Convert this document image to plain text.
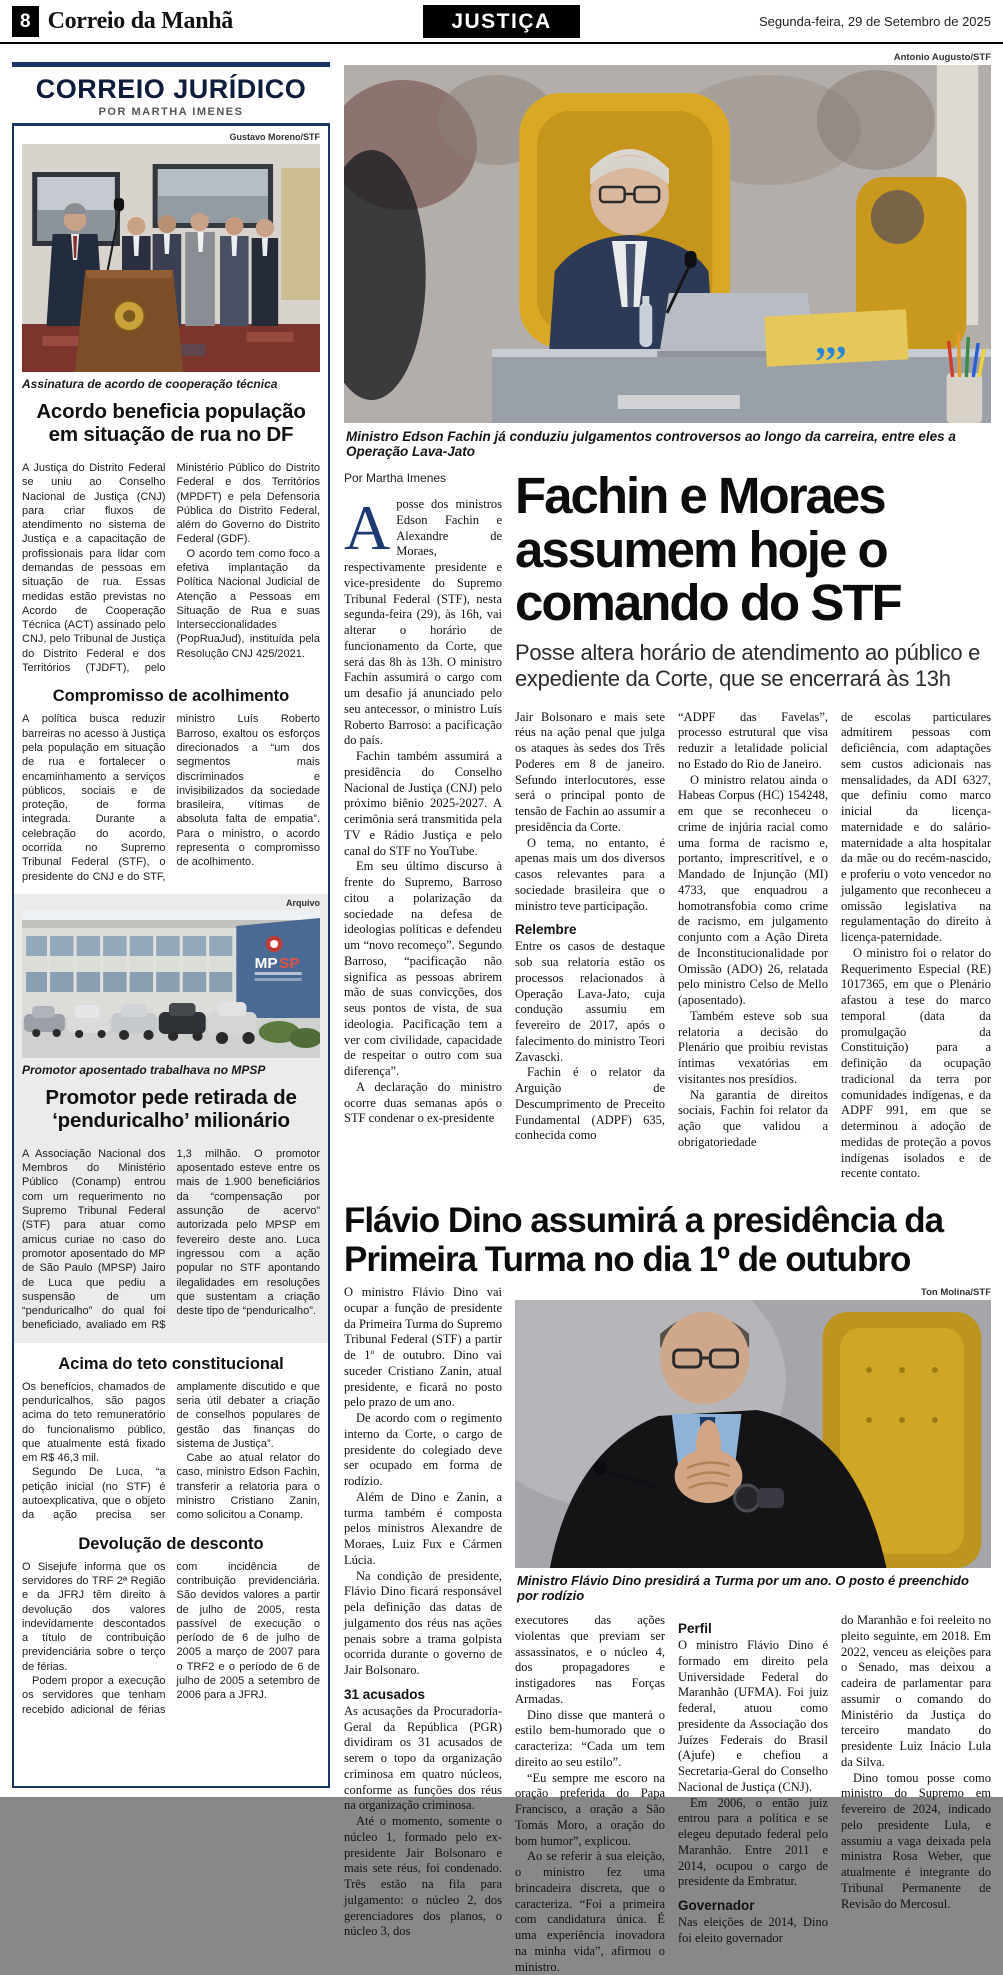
8 Correio da Manhã	JUSTIÇA	Segunda-feira, 29 de Setembro de 2025
CORREIO JURÍDICO
POR MARTHA IMENES
Gustavo Moreno/STF
Assinatura de acordo de cooperação técnica
Acordo beneficia população em situação de rua no DF

A Justiça do Distrito Federal se uniu ao Conselho Nacional de Justiça (CNJ) para criar fluxos de atendimento no sistema de Justiça e a capacitação de profissionais para lidar com demandas de pessoas em situação de rua. Essas medidas estão previstas no Acordo de Cooperação Técnica (ACT) assinado pelo CNJ, pelo Tribunal de Justiça do Distrito Federal e dos Territórios (TJDFT), pelo Ministério Público do Distrito Federal e dos Territórios (MPDFT) e pela Defensoria Pública do Distrito Federal, além do Governo do Distrito Federal (GDF).

O acordo tem como foco a efetiva implantação da Política Nacional Judicial de Atenção a Pessoas em Situação de Rua e suas Interseccionalidades (PopRuaJud), instituída pela Resolução CNJ 425/2021.

Compromisso de acolhimento

A política busca reduzir barreiras no acesso à Justiça pela população em situação de rua e fortalecer o encaminhamento a serviços públicos, sociais e de proteção, de forma integrada. Durante a celebração do acordo, ocorrida no Supremo Tribunal Federal (STF), o presidente do CNJ e do STF, ministro Luís Roberto Barroso, exaltou os esforços direcionados a “um dos segmentos mais discriminados e invisibilizados da sociedade brasileira, vítimas de absoluta falta de empatia”. Para o ministro, o acordo representa o compromisso de acolhimento.

Arquivo
MP SP
Promotor aposentado trabalhava no MPSP
Promotor pede retirada de ‘penduricalho’ milionário

A Associação Nacional dos Membros do Ministério Público (Conamp) entrou com um requerimento no Supremo Tribunal Federal (STF) para atuar como amicus curiae no caso do promotor aposentado do MP de São Paulo (MPSP) Jairo de Luca que pediu a suspensão de um “penduricalho” do qual foi beneficiado, avaliado em R$ 1,3 milhão. O promotor aposentado esteve entre os mais de 1.900 beneficiários da “compensação por assunção de acervo” autorizada pelo MPSP em fevereiro deste ano. Luca ingressou com a ação popular no STF apontando ilegalidades em resoluções que sustentam a criação deste tipo de “penduricalho”.

Acima do teto constitucional

Os benefícios, chamados de penduricalhos, são pagos acima do teto remuneratório do funcionalismo público, que atualmente está fixado em R$ 46,3 mil.

Segundo De Luca, “a petição inicial (no STF) é autoexplicativa, que o objeto da ação precisa ser amplamente discutido e que seria útil debater a criação de conselhos populares de gestão das finanças do sistema de Justiça”.

Cabe ao atual relator do caso, ministro Edson Fachin, transferir a relatoria para o ministro Cristiano Zanin, como solicitou a Conamp.

Devolução de desconto

O Sisejufe informa que os servidores do TRF 2ª Região e da JFRJ têm direito à devolução dos valores indevidamente descontados a título de contribuição previdenciária sobre o terço de férias.

Podem propor a execução os servidores que tenham recebido adicional de férias com incidência de contribuição previdenciária. São devidos valores a partir de julho de 2005, resta passível de execução o período de 6 de julho de 2005 a março de 2007 para o TRF2 e o período de 6 de julho de 2005 a setembro de 2006 para a JFRJ.

Antonio Augusto/STF
,,,
Ministro Edson Fachin já conduziu julgamentos controversos ao longo da carreira, entre eles a Operação Lava-Jato
Por Martha Imenes

Aposse dos ministros Edson Fachin e Alexandre de Moraes, respectivamente presidente e vice-presidente do Supremo Tribunal Federal (STF), nesta segunda-feira (29), às 16h, vai alterar o horário de funcionamento da Corte, que será das 8h às 13h. O ministro Fachin assumirá o cargo com um desafio já anunciado pelo seu antecessor, o ministro Luís Roberto Barroso: a pacificação do país.

Fachin também assumirá a presidência do Conselho Nacional de Justiça (CNJ) pelo próximo biênio 2025-2027. A cerimônia será transmitida pela TV e Rádio Justiça e pelo canal do STF no YouTube.

Em seu último discurso à frente do Supremo, Barroso citou a polarização da sociedade na defesa de ideologias políticas e defendeu um “novo recomeço”. Segundo Barroso, “pacificação não significa as pessoas abrirem mão de suas convicções, dos seus pontos de vista, de sua ideologia. Pacificação tem a ver com civilidade, capacidade de respeitar o outro com sua diferença”.

A declaração do ministro ocorre duas semanas após o STF condenar o ex-presidente

Fachin e Moraes assumem hoje o comando do STF
Posse altera horário de atendimento ao público e expediente da Corte, que se encerrará às 13h

Jair Bolsonaro e mais sete réus na ação penal que julga os ataques às sedes dos Três Poderes em 8 de janeiro. Sefundo interlocutores, esse será o principal ponto de tensão de Fachin ao assumir a presidência da Corte.

O tema, no entanto, é apenas mais um dos diversos casos relevantes para a sociedade brasileira que o ministro teve participação.

Relembre

Entre os casos de destaque sob sua relatoria estão os processos relacionados à Operação Lava-Jato, cuja condução assumiu em fevereiro de 2017, após o falecimento do ministro Teori Zavascki.

Fachin é o relator da Arguição de Descumprimento de Preceito Fundamental (ADPF) 635, conhecida como

“ADPF das Favelas”, processo estrutural que visa reduzir a letalidade policial no Estado do Rio de Janeiro.

O ministro relatou ainda o Habeas Corpus (HC) 154248, em que se reconheceu o crime de injúria racial como uma forma de racismo e, portanto, imprescritível, e o Mandado de Injunção (MI) 4733, que enquadrou a homotransfobia como crime de racismo, em julgamento conjunto com a Ação Direta de Inconstitucionalidade por Omissão (ADO) 26, relatada pelo ministro Celso de Mello (aposentado).

Também esteve sob sua relatoria a decisão do Plenário que proibiu revistas íntimas vexatórias em visitantes nos presídios.

Na garantia de direitos sociais, Fachin foi relator da ação que validou a obrigatoriedade

de escolas particulares admitirem pessoas com deficiência, com adaptações sem custos adicionais nas mensalidades, da ADI 6327, que definiu como marco inicial da licença-maternidade e do salário-maternidade a alta hospitalar da mãe ou do recém-nascido, e proferiu o voto vencedor no julgamento que reconheceu a omissão legislativa na regulamentação do direito à licença-paternidade.

O ministro foi o relator do Requerimento Especial (RE) 1017365, em que o Plenário afastou a tese do marco temporal (data da promulgação da Constituição) para a definição da ocupação tradicional da terra por comunidades indígenas, e da ADPF 991, em que se determinou a adoção de medidas de proteção a povos indígenas isolados e de recente contato.

Flávio Dino assumirá a presidência da Primeira Turma no dia 1º de outubro

O ministro Flávio Dino vai ocupar a função de presidente da Primeira Turma do Supremo Tribunal Federal (STF) a partir de 1º de outubro. Dino vai suceder Cristiano Zanin, atual presidente, e ficará no posto pelo prazo de um ano.

De acordo com o regimento interno da Corte, o cargo de presidente do colegiado deve ser ocupado em forma de rodízio.

Além de Dino e Zanin, a turma também é composta pelos ministros Alexandre de Moraes, Luiz Fux e Cármen Lúcia.

Na condição de presidente, Flávio Dino ficará responsável pela definição das datas de julgamento dos réus nas ações penais sobre a trama golpista ocorrida durante o governo de Jair Bolsonaro.

31 acusados

As acusações da Procuradoria-Geral da República (PGR) dividiram os 31 acusados de serem o topo da organização criminosa em quatro núcleos, conforme as funções dos réus na organização criminosa.

Até o momento, somente o núcleo 1, formado pelo ex-presidente Jair Bolsonaro e mais sete réus, foi condenado. Três estão na fila para julgamento: o núcleo 2, dos gerenciadores dos planos, o núcleo 3, dos

Ton Molina/STF
Ministro Flávio Dino presidirá a Turma por um ano. O posto é preenchido por rodízio

executores das ações violentas que previam ser assassinatos, e o núcleo 4, dos propagadores e instigadores nas Forças Armadas.

Dino disse que manterá o estilo bem-humorado que o caracteriza: “Cada um tem direito ao seu estilo”.

“Eu sempre me escoro na oração preferida do Papa Francisco, a oração a São Tomás Moro, a oração do bom humor”, explicou.

Ao se referir à sua eleição, o ministro fez uma brincadeira discreta, que o caracteriza. “Foi a primeira com candidatura única. É uma experiência inovadora na minha vida”, afirmou o ministro.

Perfil

O ministro Flávio Dino é formado em direito pela Universidade Federal do Maranhão (UFMA). Foi juiz federal, atuou como presidente da Associação dos Juízes Federais do Brasil (Ajufe) e chefiou a Secretaria-Geral do Conselho Nacional de Justiça (CNJ).

Em 2006, o então juiz entrou para a política e se elegeu deputado federal pelo Maranhão. Entre 2011 e 2014, ocupou o cargo de presidente da Embratur.

Governador

Nas eleições de 2014, Dino foi eleito governador

do Maranhão e foi reeleito no pleito seguinte, em 2018. Em 2022, venceu as eleições para o Senado, mas deixou a cadeira de parlamentar para assumir o comando do Ministério da Justiça do terceiro mandato do presidente Luiz Inácio Lula da Silva.

Dino tomou posse como ministro do Supremo em fevereiro de 2024, indicado pelo presidente Lula, e assumiu a vaga deixada pela ministra Rosa Weber, que atualmente é integrante do Tribunal Permanente de Revisão do Mercosul.
